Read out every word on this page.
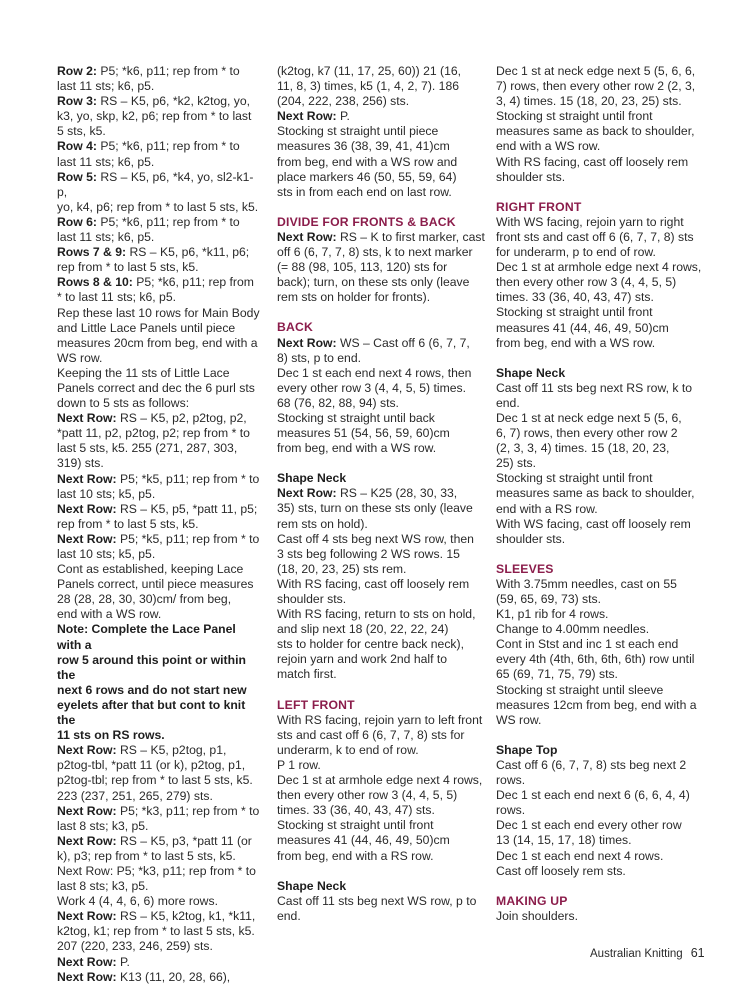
Row 2: P5; *k6, p11; rep from * to
last 11 sts; k6, p5.

Row 3: RS – K5, p6, *k2, k2tog, yo,
k3, yo, skp, k2, p6; rep from * to last
5 sts, k5.

Row 4: P5; *k6, p11; rep from * to
last 11 sts; k6, p5.

Row 5: RS – K5, p6, *k4, yo, sl2-k1-p,
yo, k4, p6; rep from * to last 5 sts, k5.

Row 6: P5; *k6, p11; rep from * to
last 11 sts; k6, p5.

Rows 7 & 9: RS – K5, p6, *k11, p6;
rep from * to last 5 sts, k5.

Rows 8 & 10: P5; *k6, p11; rep from
* to last 11 sts; k6, p5.

Rep these last 10 rows for Main Body
and Little Lace Panels until piece
measures 20cm from beg, end with a
WS row.

Keeping the 11 sts of Little Lace
Panels correct and dec the 6 purl sts
down to 5 sts as follows:

Next Row: RS – K5, p2, p2tog, p2,
*patt 11, p2, p2tog, p2; rep from * to
last 5 sts, k5. 255 (271, 287, 303,
319) sts.

Next Row: P5; *k5, p11; rep from * to
last 10 sts; k5, p5.

Next Row: RS – K5, p5, *patt 11, p5;
rep from * to last 5 sts, k5.

Next Row: P5; *k5, p11; rep from * to
last 10 sts; k5, p5.

Cont as established, keeping Lace
Panels correct, until piece measures
28 (28, 28, 30, 30)cm/ from beg,
end with a WS row.

Note: Complete the Lace Panel with a
row 5 around this point or within the
next 6 rows and do not start new
eyelets after that but cont to knit the
11 sts on RS rows.

Next Row: RS – K5, p2tog, p1,
p2tog-tbl, *patt 11 (or k), p2tog, p1,
p2tog-tbl; rep from * to last 5 sts, k5.
223 (237, 251, 265, 279) sts.

Next Row: P5; *k3, p11; rep from * to
last 8 sts; k3, p5.

Next Row: RS – K5, p3, *patt 11 (or
k), p3; rep from * to last 5 sts, k5.

Next Row: P5; *k3, p11; rep from * to
last 8 sts; k3, p5.

Work 4 (4, 4, 6, 6) more rows.

Next Row: RS – K5, k2tog, k1, *k11,
k2tog, k1; rep from * to last 5 sts, k5.
207 (220, 233, 246, 259) sts.

Next Row: P.

Next Row: K13 (11, 20, 28, 66),

(k2tog, k7 (11, 17, 25, 60)) 21 (16,
11, 8, 3) times, k5 (1, 4, 2, 7). 186
(204, 222, 238, 256) sts.

Next Row: P.

Stocking st straight until piece
measures 36 (38, 39, 41, 41)cm
from beg, end with a WS row and
place markers 46 (50, 55, 59, 64)
sts in from each end on last row.

DIVIDE FOR FRONTS & BACK

Next Row: RS – K to first marker, cast
off 6 (6, 7, 7, 8) sts, k to next marker
(= 88 (98, 105, 113, 120) sts for
back); turn, on these sts only (leave
rem sts on holder for fronts).

BACK

Next Row: WS – Cast off 6 (6, 7, 7,
8) sts, p to end.

Dec 1 st each end next 4 rows, then
every other row 3 (4, 4, 5, 5) times.
68 (76, 82, 88, 94) sts.

Stocking st straight until back
measures 51 (54, 56, 59, 60)cm
from beg, end with a WS row.

Shape Neck

Next Row: RS – K25 (28, 30, 33,
35) sts, turn on these sts only (leave
rem sts on hold).

Cast off 4 sts beg next WS row, then
3 sts beg following 2 WS rows. 15
(18, 20, 23, 25) sts rem.

With RS facing, cast off loosely rem
shoulder sts.

With RS facing, return to sts on hold,
and slip next 18 (20, 22, 22, 24)
sts to holder for centre back neck),
rejoin yarn and work 2nd half to
match first.

LEFT FRONT

With RS facing, rejoin yarn to left front
sts and cast off 6 (6, 7, 7, 8) sts for
underarm, k to end of row.

P 1 row.

Dec 1 st at armhole edge next 4 rows,
then every other row 3 (4, 4, 5, 5)
times. 33 (36, 40, 43, 47) sts.

Stocking st straight until front
measures 41 (44, 46, 49, 50)cm
from beg, end with a RS row.

Shape Neck

Cast off 11 sts beg next WS row, p to
end.

Dec 1 st at neck edge next 5 (5, 6, 6,
7) rows, then every other row 2 (2, 3,
3, 4) times. 15 (18, 20, 23, 25) sts.

Stocking st straight until front
measures same as back to shoulder,
end with a WS row.

With RS facing, cast off loosely rem
shoulder sts.

RIGHT FRONT

With WS facing, rejoin yarn to right
front sts and cast off 6 (6, 7, 7, 8) sts
for underarm, p to end of row.

Dec 1 st at armhole edge next 4 rows,
then every other row 3 (4, 4, 5, 5)
times. 33 (36, 40, 43, 47) sts.

Stocking st straight until front
measures 41 (44, 46, 49, 50)cm
from beg, end with a WS row.

Shape Neck

Cast off 11 sts beg next RS row, k to
end.

Dec 1 st at neck edge next 5 (5, 6,
6, 7) rows, then every other row 2
(2, 3, 3, 4) times. 15 (18, 20, 23,
25) sts.

Stocking st straight until front
measures same as back to shoulder,
end with a RS row.

With WS facing, cast off loosely rem
shoulder sts.

SLEEVES

With 3.75mm needles, cast on 55
(59, 65, 69, 73) sts.

K1, p1 rib for 4 rows.

Change to 4.00mm needles.

Cont in Stst and inc 1 st each end
every 4th (4th, 6th, 6th, 6th) row until
65 (69, 71, 75, 79) sts.

Stocking st straight until sleeve
measures 12cm from beg, end with a
WS row.

Shape Top

Cast off 6 (6, 7, 7, 8) sts beg next 2
rows.

Dec 1 st each end next 6 (6, 6, 4, 4)
rows.

Dec 1 st each end every other row
13 (14, 15, 17, 18) times.

Dec 1 st each end next 4 rows.

Cast off loosely rem sts.

MAKING UP

Join shoulders.

Australian Knitting 61
